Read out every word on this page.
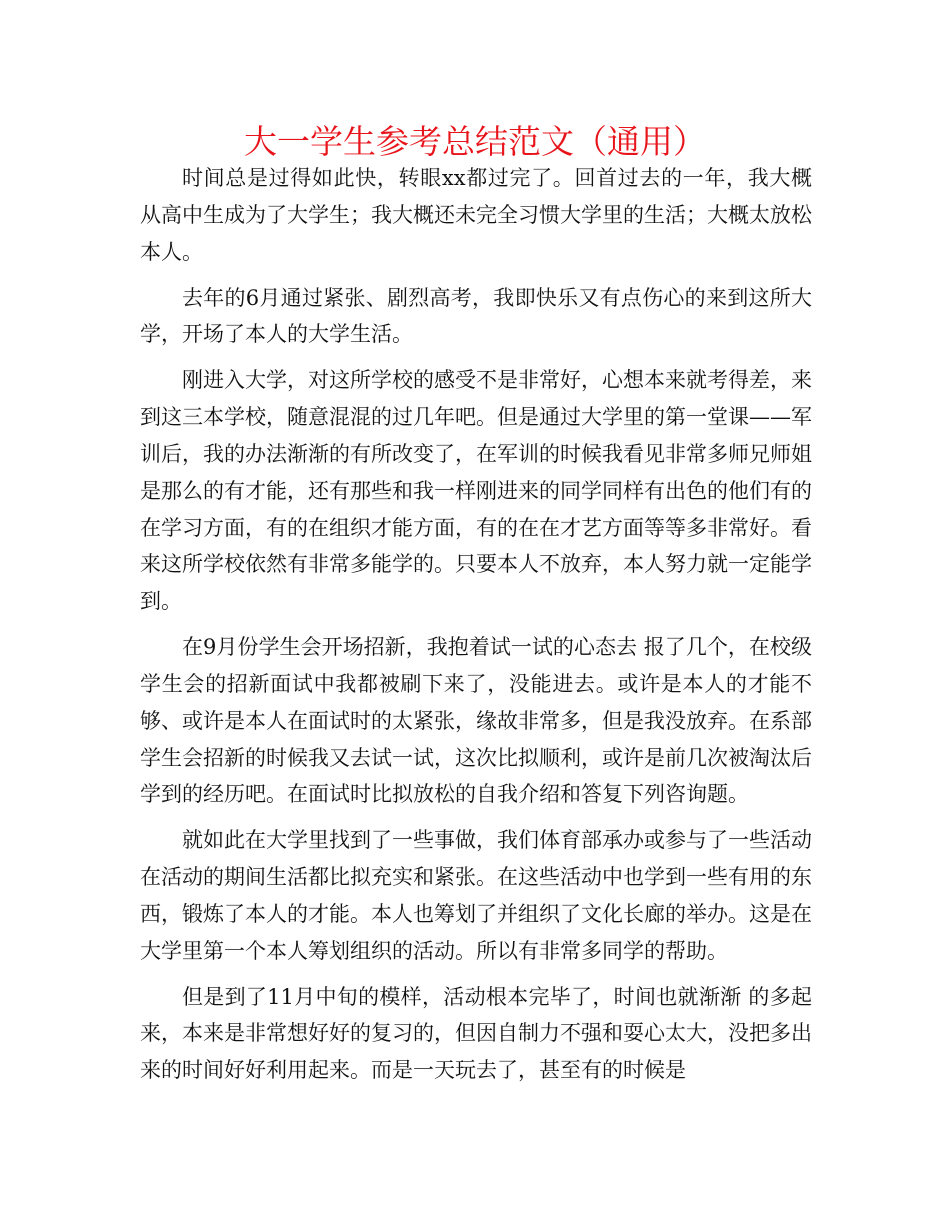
大一学生参考总结范文（通用）

时间总是过得如此快，转眼xx都过完了。回首过去的一年，我大概从高中生成为了大学生；我大概还未完全习惯大学里的生活；大概太放松本人。

去年的6月通过紧张、剧烈高考，我即快乐又有点伤心的来到这所大学，开场了本人的大学生活。

刚进入大学，对这所学校的感受不是非常好，心想本来就考得差，来到这三本学校，随意混混的过几年吧。但是通过大学里的第一堂课——军训后，我的办法渐渐的有所改变了，在军训的时候我看见非常多师兄师姐是那么的有才能，还有那些和我一样刚进来的同学同样有出色的他们有的在学习方面，有的在组织才能方面，有的在在才艺方面等等多非常好。看来这所学校依然有非常多能学的。只要本人不放弃，本人努力就一定能学到。

在9月份学生会开场招新，我抱着试一试的心态去 报了几个，在校级学生会的招新面试中我都被刷下来了，没能进去。或许是本人的才能不够、或许是本人在面试时的太紧张，缘故非常多，但是我没放弃。在系部学生会招新的时候我又去试一试，这次比拟顺利，或许是前几次被淘汰后学到的经历吧。在面试时比拟放松的自我介绍和答复下列咨询题。

就如此在大学里找到了一些事做，我们体育部承办或参与了一些活动在活动的期间生活都比拟充实和紧张。在这些活动中也学到一些有用的东西，锻炼了本人的才能。本人也筹划了并组织了文化长廊的举办。这是在大学里第一个本人筹划组织的活动。所以有非常多同学的帮助。

但是到了11月中旬的模样，活动根本完毕了，时间也就渐渐 的多起来，本来是非常想好好的复习的，但因自制力不强和耍心太大，没把多出来的时间好好利用起来。而是一天玩去了，甚至有的时候是
